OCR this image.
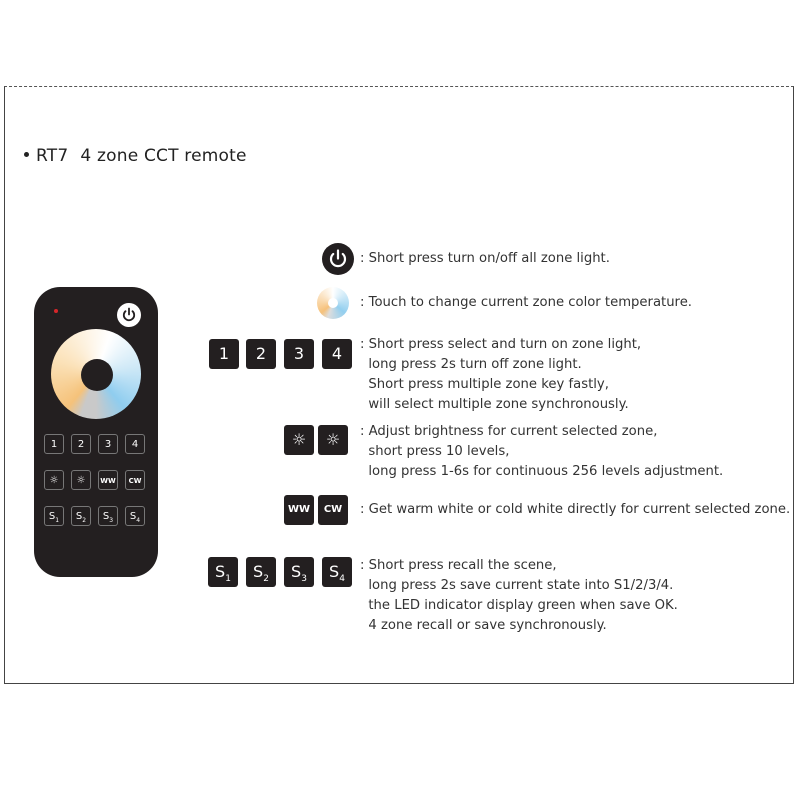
RT7 4 zone CCT remote
1	2	3	4
☼	☼	WW	CW
$S_1$	$S_2$	$S_3$	$S_4$
: Short press turn on/off all zone light.
: Touch to change current zone color temperature.
1	2	3	4	: Short press select and turn on zone light,
long press 2s turn off zone light.
Short press multiple zone key fastly,
will select multiple zone synchronously.
☼	☼	: Adjust brightness for current selected zone,
short press 10 levels,
long press 1-6s for continuous 256 levels adjustment.
WW	CW	: Get warm white or cold white directly for current selected zone.
$S_1$	$S_2$	$S_3$	$S_4$
: Short press recall the scene,
long press 2s save current state into S1/2/3/4.
the LED indicator display green when save OK.
4 zone recall or save synchronously.
